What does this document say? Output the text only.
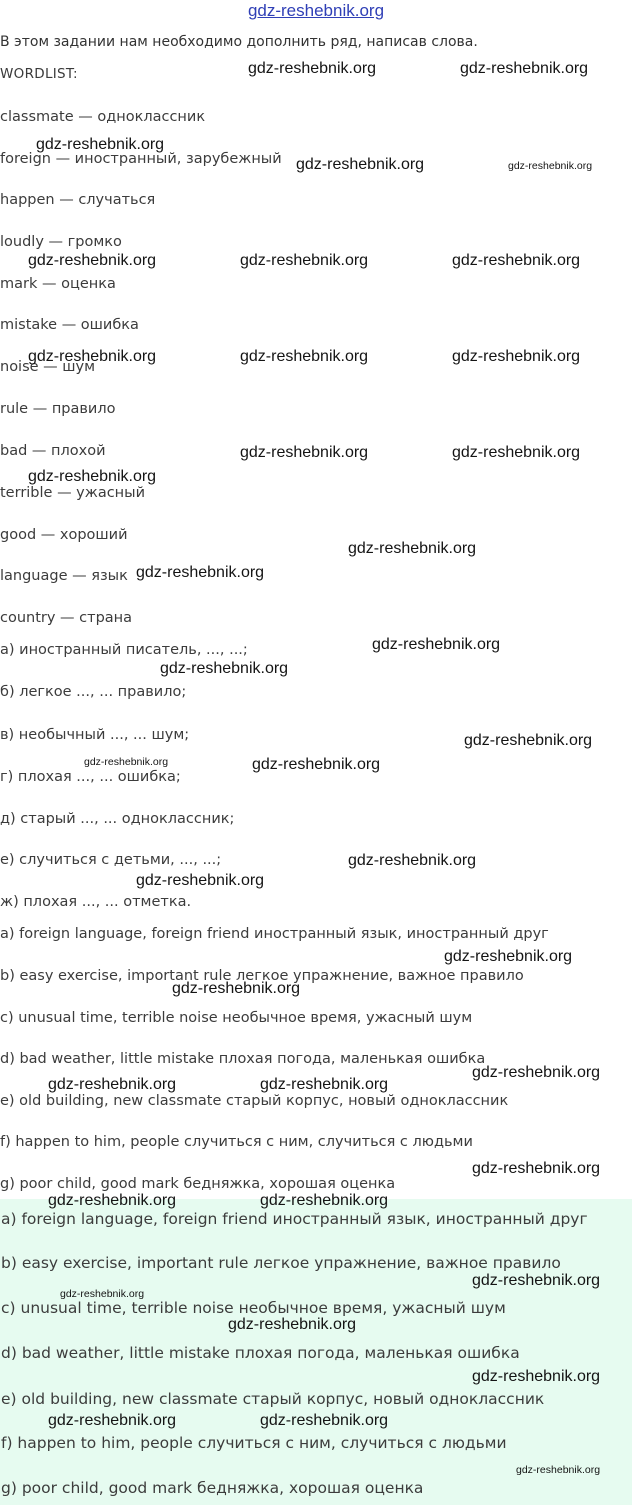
gdz-reshebnik.org
В этом задании нам необходимо дополнить ряд, написав слова.
WORDLIST:
classmate — одноклассник
foreign — иностранный, зарубежный
happen — случаться
loudly — громко
mark — оценка
mistake — ошибка
noise — шум
rule — правило
bad — плохой
terrible — ужасный
good — хороший
language — язык
country — страна
а) иностранный писатель, ..., ...;
б) легкое ..., ... правило;
в) необычный ..., ... шум;
г) плохая ..., ... ошибка;
д) старый ..., ... одноклассник;
е) случиться с детьми, ..., ...;
ж) плохая ..., ... отметка.
a) foreign language, foreign friend иностранный язык, иностранный друг
b) easy exercise, important rule легкое упражнение, важное правило
c) unusual time, terrible noise необычное время, ужасный шум
d) bad weather, little mistake плохая погода, маленькая ошибка
e) old building, new classmate старый корпус, новый одноклассник
f) happen to him, people случиться с ним, случиться с людьми
g) poor child, good mark бедняжка, хорошая оценка
a) foreign language, foreign friend иностранный язык, иностранный друг
b) easy exercise, important rule легкое упражнение, важное правило
c) unusual time, terrible noise необычное время, ужасный шум
d) bad weather, little mistake плохая погода, маленькая ошибка
e) old building, new classmate старый корпус, новый одноклассник
f) happen to him, people случиться с ним, случиться с людьми
g) poor child, good mark бедняжка, хорошая оценка
gdz-reshebnik.org	gdz-reshebnik.org
gdz-reshebnik.org
gdz-reshebnik.org	gdz-reshebnik.org
gdz-reshebnik.org	gdz-reshebnik.org	gdz-reshebnik.org
gdz-reshebnik.org	gdz-reshebnik.org	gdz-reshebnik.org
gdz-reshebnik.org	gdz-reshebnik.org
gdz-reshebnik.org
gdz-reshebnik.org
gdz-reshebnik.org
gdz-reshebnik.org
gdz-reshebnik.org
gdz-reshebnik.org
gdz-reshebnik.org	gdz-reshebnik.org
gdz-reshebnik.org
gdz-reshebnik.org
gdz-reshebnik.org
gdz-reshebnik.org
gdz-reshebnik.org
gdz-reshebnik.org	gdz-reshebnik.org
gdz-reshebnik.org
gdz-reshebnik.org	gdz-reshebnik.org
gdz-reshebnik.org
gdz-reshebnik.org
gdz-reshebnik.org
gdz-reshebnik.org
gdz-reshebnik.org	gdz-reshebnik.org
gdz-reshebnik.org
